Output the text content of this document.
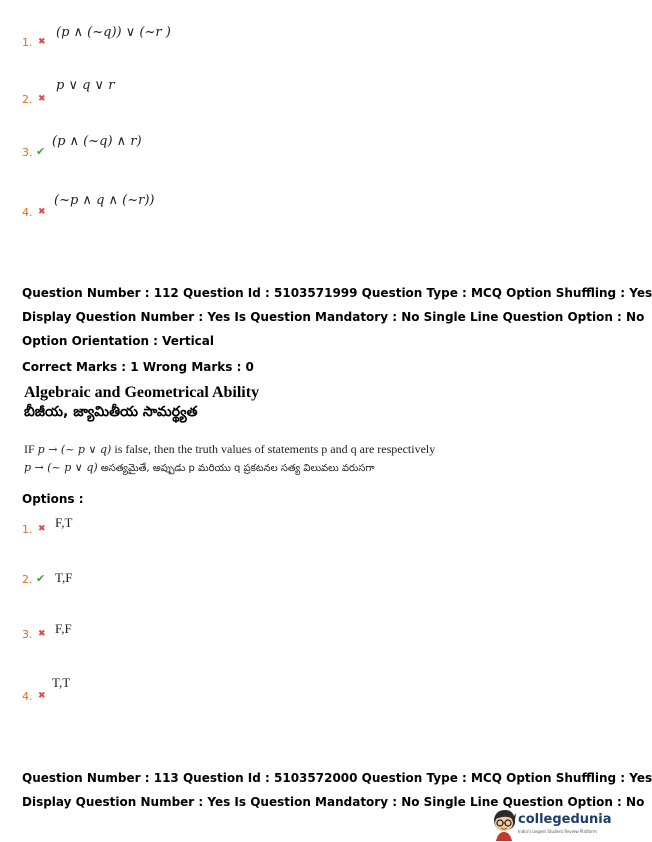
1. ✖
(p ∧ (~q)) ∨ (~r )
2. ✖
p ∨ q ∨ r
3. ✔
(p ∧ (~q) ∧ r)
4. ✖
(~p ∧ q ∧ (~r))
Question Number : 112 Question Id : 5103571999 Question Type : MCQ Option Shuffling : Yes
Display Question Number : Yes Is Question Mandatory : No Single Line Question Option : No
Option Orientation : Vertical
Correct Marks : 1 Wrong Marks : 0
Algebraic and Geometrical Ability
బీజీయ, జ్యామితీయ సామర్థ్యత
IF p → (~ p ∨ q) is false, then the truth values of statements p and q are respectively
p → (~ p ∨ q) అసత్యమైతే, అప్పుడు p మరియు q ప్రకటనల సత్య విలువలు వరుసగా
Options :
1. ✖ F,T
2. ✔ T,F
3. ✖ F,F
4. ✖
T,T
Question Number : 113 Question Id : 5103572000 Question Type : MCQ Option Shuffling : Yes
Display Question Number : Yes Is Question Mandatory : No Single Line Question Option : No
collegedunia
India's largest Student Review Platform
